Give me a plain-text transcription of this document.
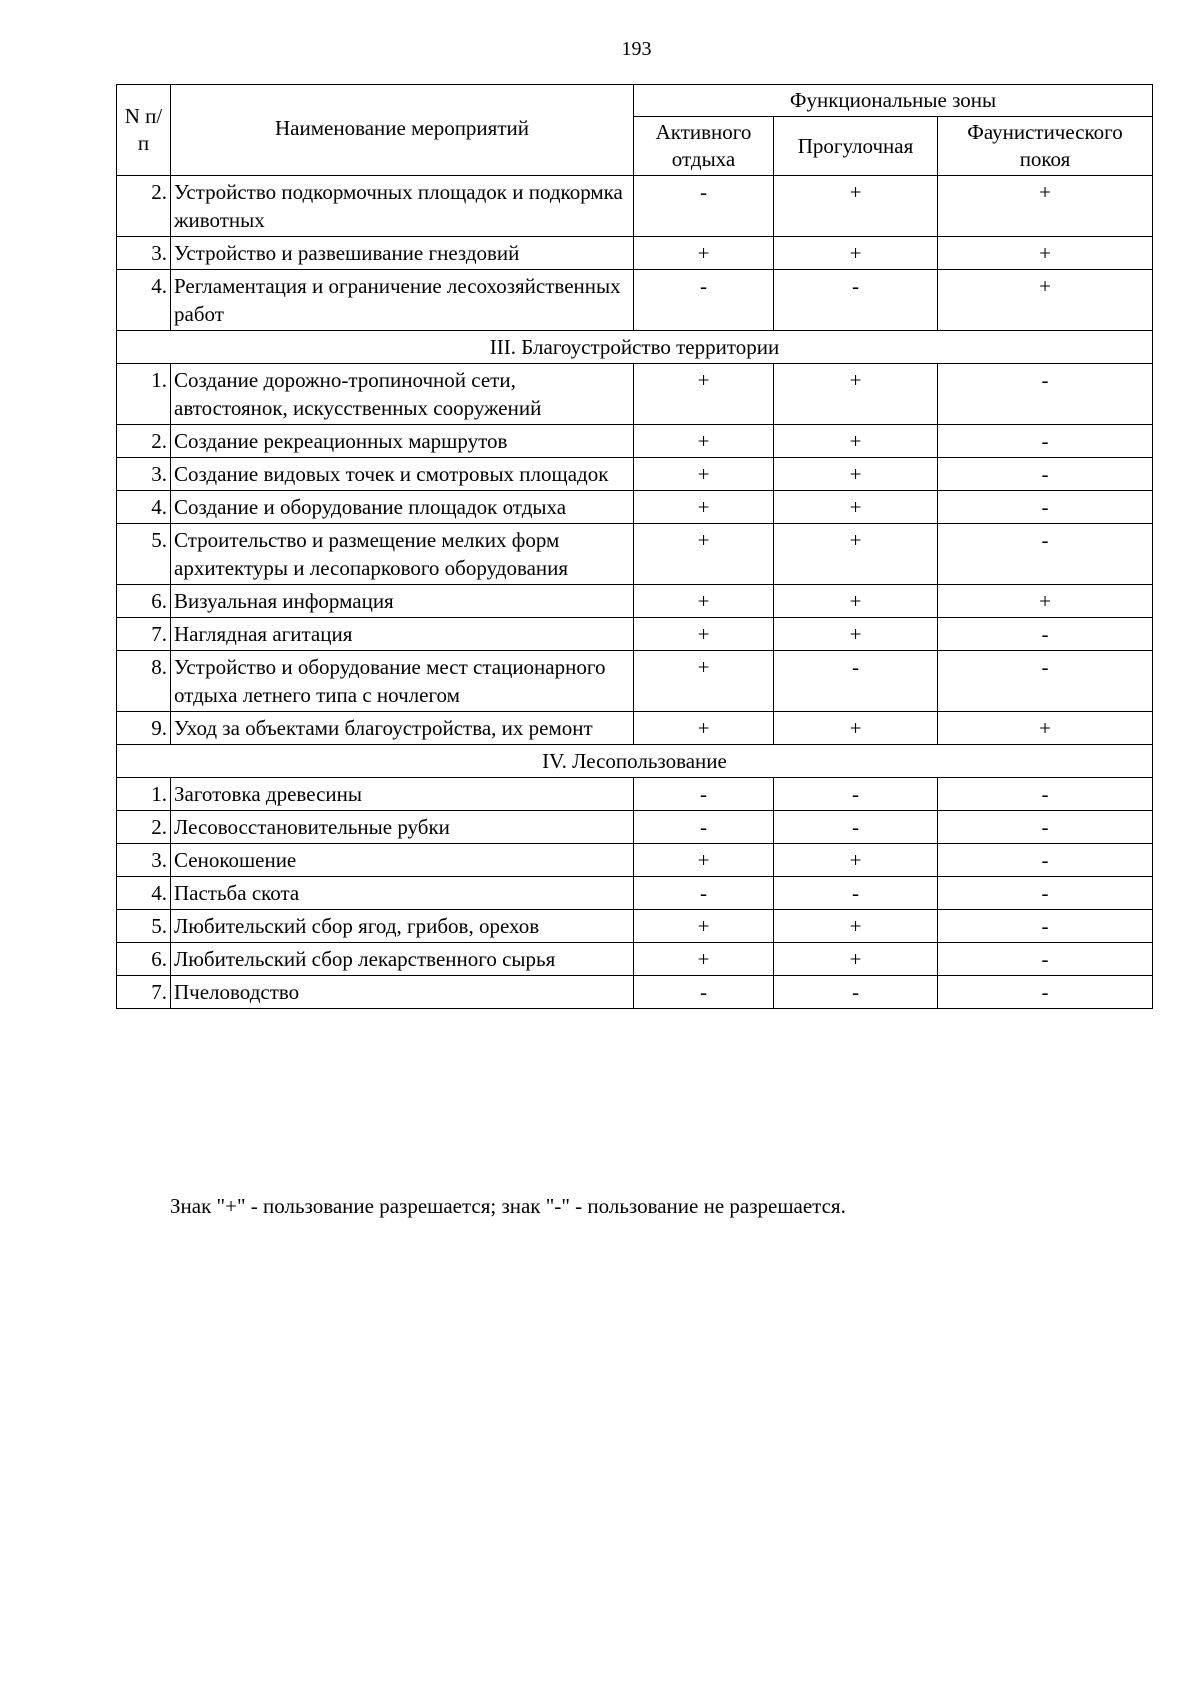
193
N п/п	Наименование мероприятий	Функциональные зоны		
		Активного отдыха	Прогулочная	Фаунистического покоя
2.	Устройство подкормочных площадок и подкормка животных	-	+	+
3.	Устройство и развешивание гнездовий	+	+	+
4.	Регламентация и ограничение лесохозяйственных работ	-	-	+
III. Благоустройство территории				
1.	Создание дорожно-тропиночной сети, автостоянок, искусственных сооружений	+	+	-
2.	Создание рекреационных маршрутов	+	+	-
3.	Создание видовых точек и смотровых площадок	+	+	-
4.	Создание и оборудование площадок отдыха	+	+	-
5.	Строительство и размещение мелких форм архитектуры и лесопаркового оборудования	+	+	-
6.	Визуальная информация	+	+	+
7.	Наглядная агитация	+	+	-
8.	Устройство и оборудование мест стационарного отдыха летнего типа с ночлегом	+	-	-
9.	Уход за объектами благоустройства, их ремонт	+	+	+
IV. Лесопользование				
1.	Заготовка древесины	-	-	-
2.	Лесовосстановительные рубки	-	-	-
3.	Сенокошение	+	+	-
4.	Пастьба скота	-	-	-
5.	Любительский сбор ягод, грибов, орехов	+	+	-
6.	Любительский сбор лекарственного сырья	+	+	-
7.	Пчеловодство	-	-	-
Знак "+" - пользование разрешается; знак "-" - пользование не разрешается.
